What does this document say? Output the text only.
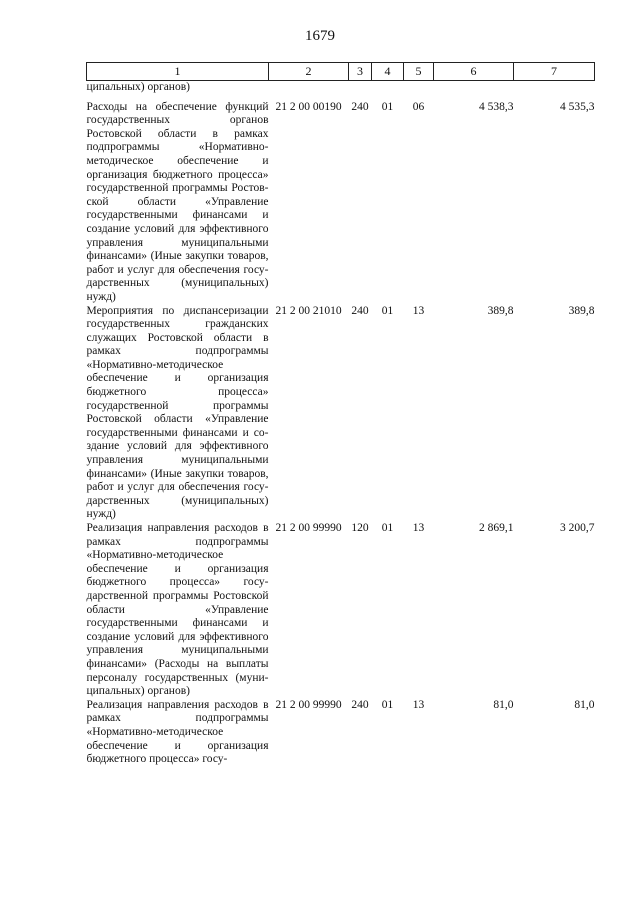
1679
1	2	3	4	5	6	7
ципальных) органов)						
Расходы на обеспечение функций государственных органов Ростовской области в рамках подпрограммы «Нормативно-методическое обеспечение и организация бюджетного процесса» государственной программы Ростовской области «Управление государственными финансами и создание условий для эффективного управления муниципальными финансами» (Иные закупки товаров, работ и услуг для обеспечения государственных (муниципальных) нужд)	21 2 00 00190	240	01	06	4 538,3	4 535,3
Мероприятия по диспансеризации государственных гражданских служащих Ростовской области в рамках подпрограммы «Нормативно-методическое обеспечение и организация бюджетного процесса» государственной программы Ростовской области «Управление государственными финансами и создание условий для эффективного управления муниципальными финансами» (Иные закупки товаров, работ и услуг для обеспечения государственных (муниципальных) нужд)	21 2 00 21010	240	01	13	389,8	389,8
Реализация направления расходов в рамках подпрограммы «Нормативно-методическое обеспечение и организация бюджетного процесса» государственной программы Ростовской области «Управление государственными финансами и создание условий для эффективного управления муниципальными финансами» (Расходы на выплаты персоналу государственных (муниципальных) органов)	21 2 00 99990	120	01	13	2 869,1	3 200,7
Реализация направления расходов в рамках подпрограммы «Нормативно-методическое обеспечение и организация бюджетного процесса» госу-	21 2 00 99990	240	01	13	81,0	81,0
